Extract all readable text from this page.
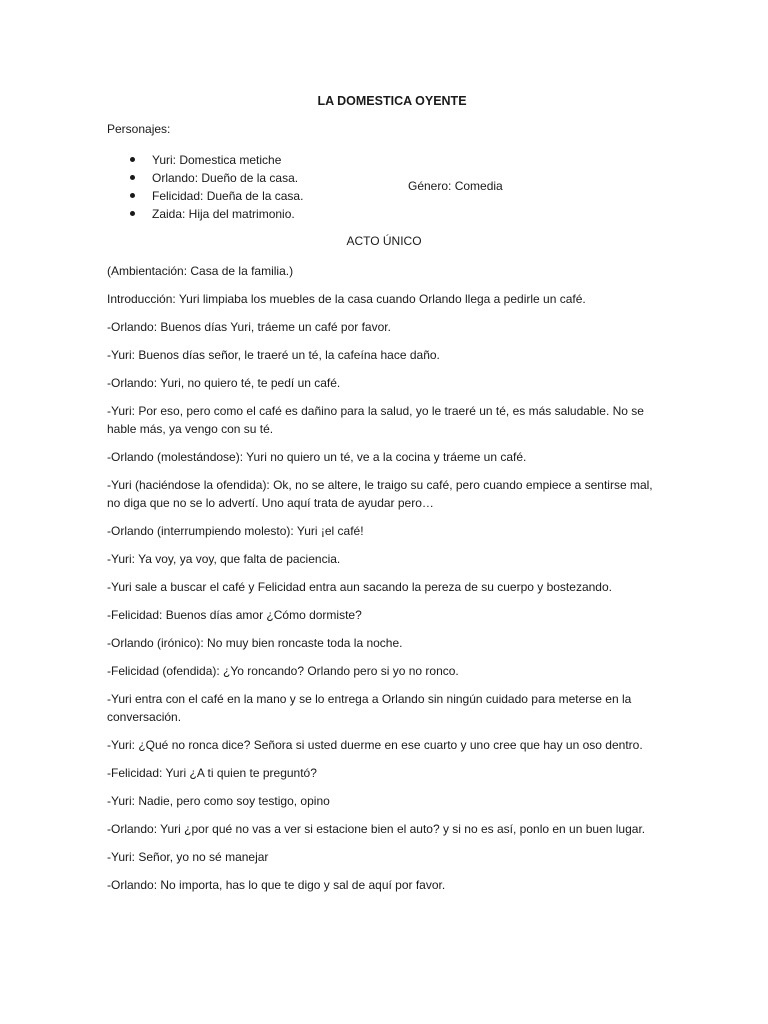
LA DOMESTICA OYENTE
Personajes:
Yuri: Domestica metiche
Orlando: Dueño de la casa.
Felicidad: Dueña de la casa.
Zaida: Hija del matrimonio.
Género: Comedia
ACTO ÚNICO

(Ambientación: Casa de la familia.)

Introducción: Yuri limpiaba los muebles de la casa cuando Orlando llega a pedirle un café.

-Orlando: Buenos días Yuri, tráeme un café por favor.

-Yuri: Buenos días señor, le traeré un té, la cafeína hace daño.

-Orlando: Yuri, no quiero té, te pedí un café.

-Yuri: Por eso, pero como el café es dañino para la salud, yo le traeré un té, es más saludable. No se hable más, ya vengo con su té.

-Orlando (molestándose): Yuri no quiero un té, ve a la cocina y tráeme un café.

-Yuri (haciéndose la ofendida): Ok, no se altere, le traigo su café, pero cuando empiece a sentirse mal, no diga que no se lo advertí. Uno aquí trata de ayudar pero…

-Orlando (interrumpiendo molesto): Yuri ¡el café!

-Yuri: Ya voy, ya voy, que falta de paciencia.

-Yuri sale a buscar el café y Felicidad entra aun sacando la pereza de su cuerpo y bostezando.

-Felicidad: Buenos días amor ¿Cómo dormiste?

-Orlando (irónico): No muy bien roncaste toda la noche.

-Felicidad (ofendida): ¿Yo roncando? Orlando pero si yo no ronco.

-Yuri entra con el café en la mano y se lo entrega a Orlando sin ningún cuidado para meterse en la conversación.

-Yuri: ¿Qué no ronca dice? Señora si usted duerme en ese cuarto y uno cree que hay un oso dentro.

-Felicidad: Yuri ¿A ti quien te preguntó?

-Yuri: Nadie, pero como soy testigo, opino

-Orlando: Yuri ¿por qué no vas a ver si estacione bien el auto? y si no es así, ponlo en un buen lugar.

-Yuri: Señor, yo no sé manejar

-Orlando: No importa, has lo que te digo y sal de aquí por favor.
